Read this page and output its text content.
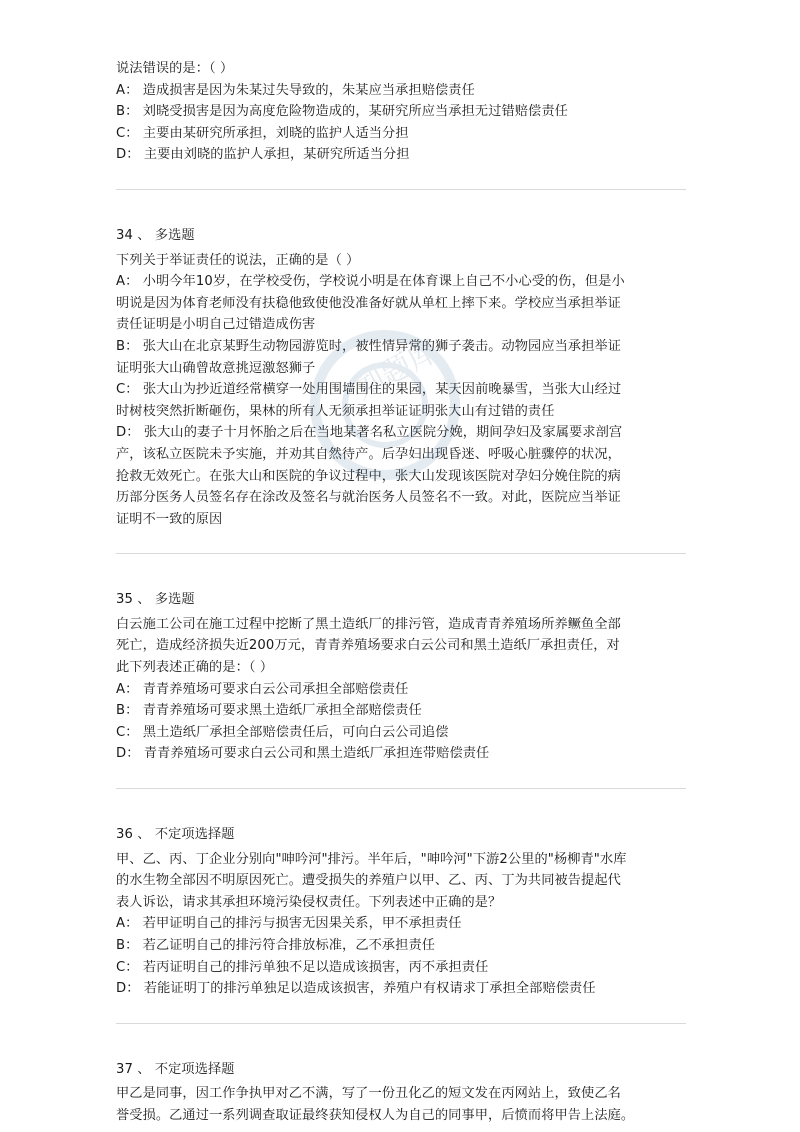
说法错误的是：（ ）
A： 造成损害是因为朱某过失导致的，朱某应当承担赔偿责任
B： 刘晓受损害是因为高度危险物造成的，某研究所应当承担无过错赔偿责任
C： 主要由某研究所承担，刘晓的监护人适当分担
D： 主要由刘晓的监护人承担，某研究所适当分担
34 、 多选题
下列关于举证责任的说法，正确的是（ ）
A： 小明今年10岁，在学校受伤，学校说小明是在体育课上自己不小心受的伤，但是小
明说是因为体育老师没有扶稳他致使他没准备好就从单杠上摔下来。学校应当承担举证
责任证明是小明自己过错造成伤害
B： 张大山在北京某野生动物园游览时，被性情异常的狮子袭击。动物园应当承担举证
证明张大山确曾故意挑逗激怒狮子
C： 张大山为抄近道经常横穿一处用围墙围住的果园，某天因前晚暴雪，当张大山经过
时树枝突然折断砸伤，果林的所有人无须承担举证证明张大山有过错的责任
D： 张大山的妻子十月怀胎之后在当地某著名私立医院分娩，期间孕妇及家属要求剖宫
产，该私立医院未予实施，并劝其自然待产。后孕妇出现昏迷、呼吸心脏骤停的状况，
抢救无效死亡。在张大山和医院的争议过程中，张大山发现该医院对孕妇分娩住院的病
历部分医务人员签名存在涂改及签名与就治医务人员签名不一致。对此，医院应当举证
证明不一致的原因
35 、 多选题
白云施工公司在施工过程中挖断了黑土造纸厂的排污管，造成青青养殖场所养鳜鱼全部
死亡，造成经济损失近200万元，青青养殖场要求白云公司和黑土造纸厂承担责任，对
此下列表述正确的是：（ ）
A： 青青养殖场可要求白云公司承担全部赔偿责任
B： 青青养殖场可要求黑土造纸厂承担全部赔偿责任
C： 黑土造纸厂承担全部赔偿责任后，可向白云公司追偿
D： 青青养殖场可要求白云公司和黑土造纸厂承担连带赔偿责任
36 、 不定项选择题
甲、乙、丙、丁企业分别向"呻吟河"排污。半年后，"呻吟河"下游2公里的"杨柳青"水库
的水生物全部因不明原因死亡。遭受损失的养殖户以甲、乙、丙、丁为共同被告提起代
表人诉讼，请求其承担环境污染侵权责任。下列表述中正确的是？
A： 若甲证明自己的排污与损害无因果关系，甲不承担责任
B： 若乙证明自己的排污符合排放标准，乙不承担责任
C： 若丙证明自己的排污单独不足以造成该损害，丙不承担责任
D： 若能证明丁的排污单独足以造成该损害，养殖户有权请求丁承担全部赔偿责任
37 、 不定项选择题
甲乙是同事，因工作争执甲对乙不满，写了一份丑化乙的短文发在丙网站上，致使乙名
誉受损。乙通过一系列调查取证最终获知侵权人为自己的同事甲，后愤而将甲告上法庭。
刘题库
